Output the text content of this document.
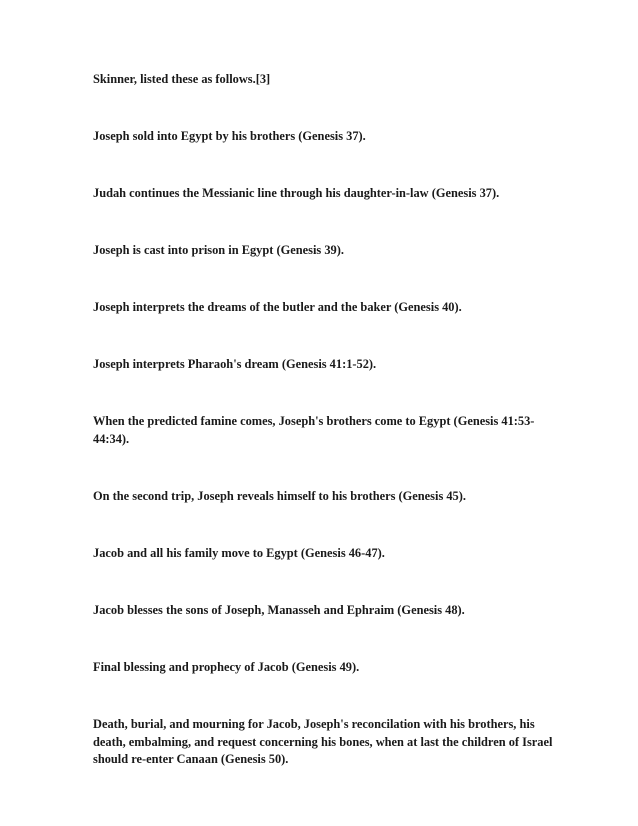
Skinner, listed these as follows.[3]

Joseph sold into Egypt by his brothers (Genesis 37).

Judah continues the Messianic line through his daughter-in-law (Genesis 37).

Joseph is cast into prison in Egypt (Genesis 39).

Joseph interprets the dreams of the butler and the baker (Genesis 40).

Joseph interprets Pharaoh's dream (Genesis 41:1-52).

When the predicted famine comes, Joseph's brothers come to Egypt (Genesis 41:53-44:34).

On the second trip, Joseph reveals himself to his brothers (Genesis 45).

Jacob and all his family move to Egypt (Genesis 46-47).

Jacob blesses the sons of Joseph, Manasseh and Ephraim (Genesis 48).

Final blessing and prophecy of Jacob (Genesis 49).

Death, burial, and mourning for Jacob, Joseph's reconcilation with his brothers, his death, embalming, and request concerning his bones, when at last the children of Israel should re-enter Canaan (Genesis 50).
